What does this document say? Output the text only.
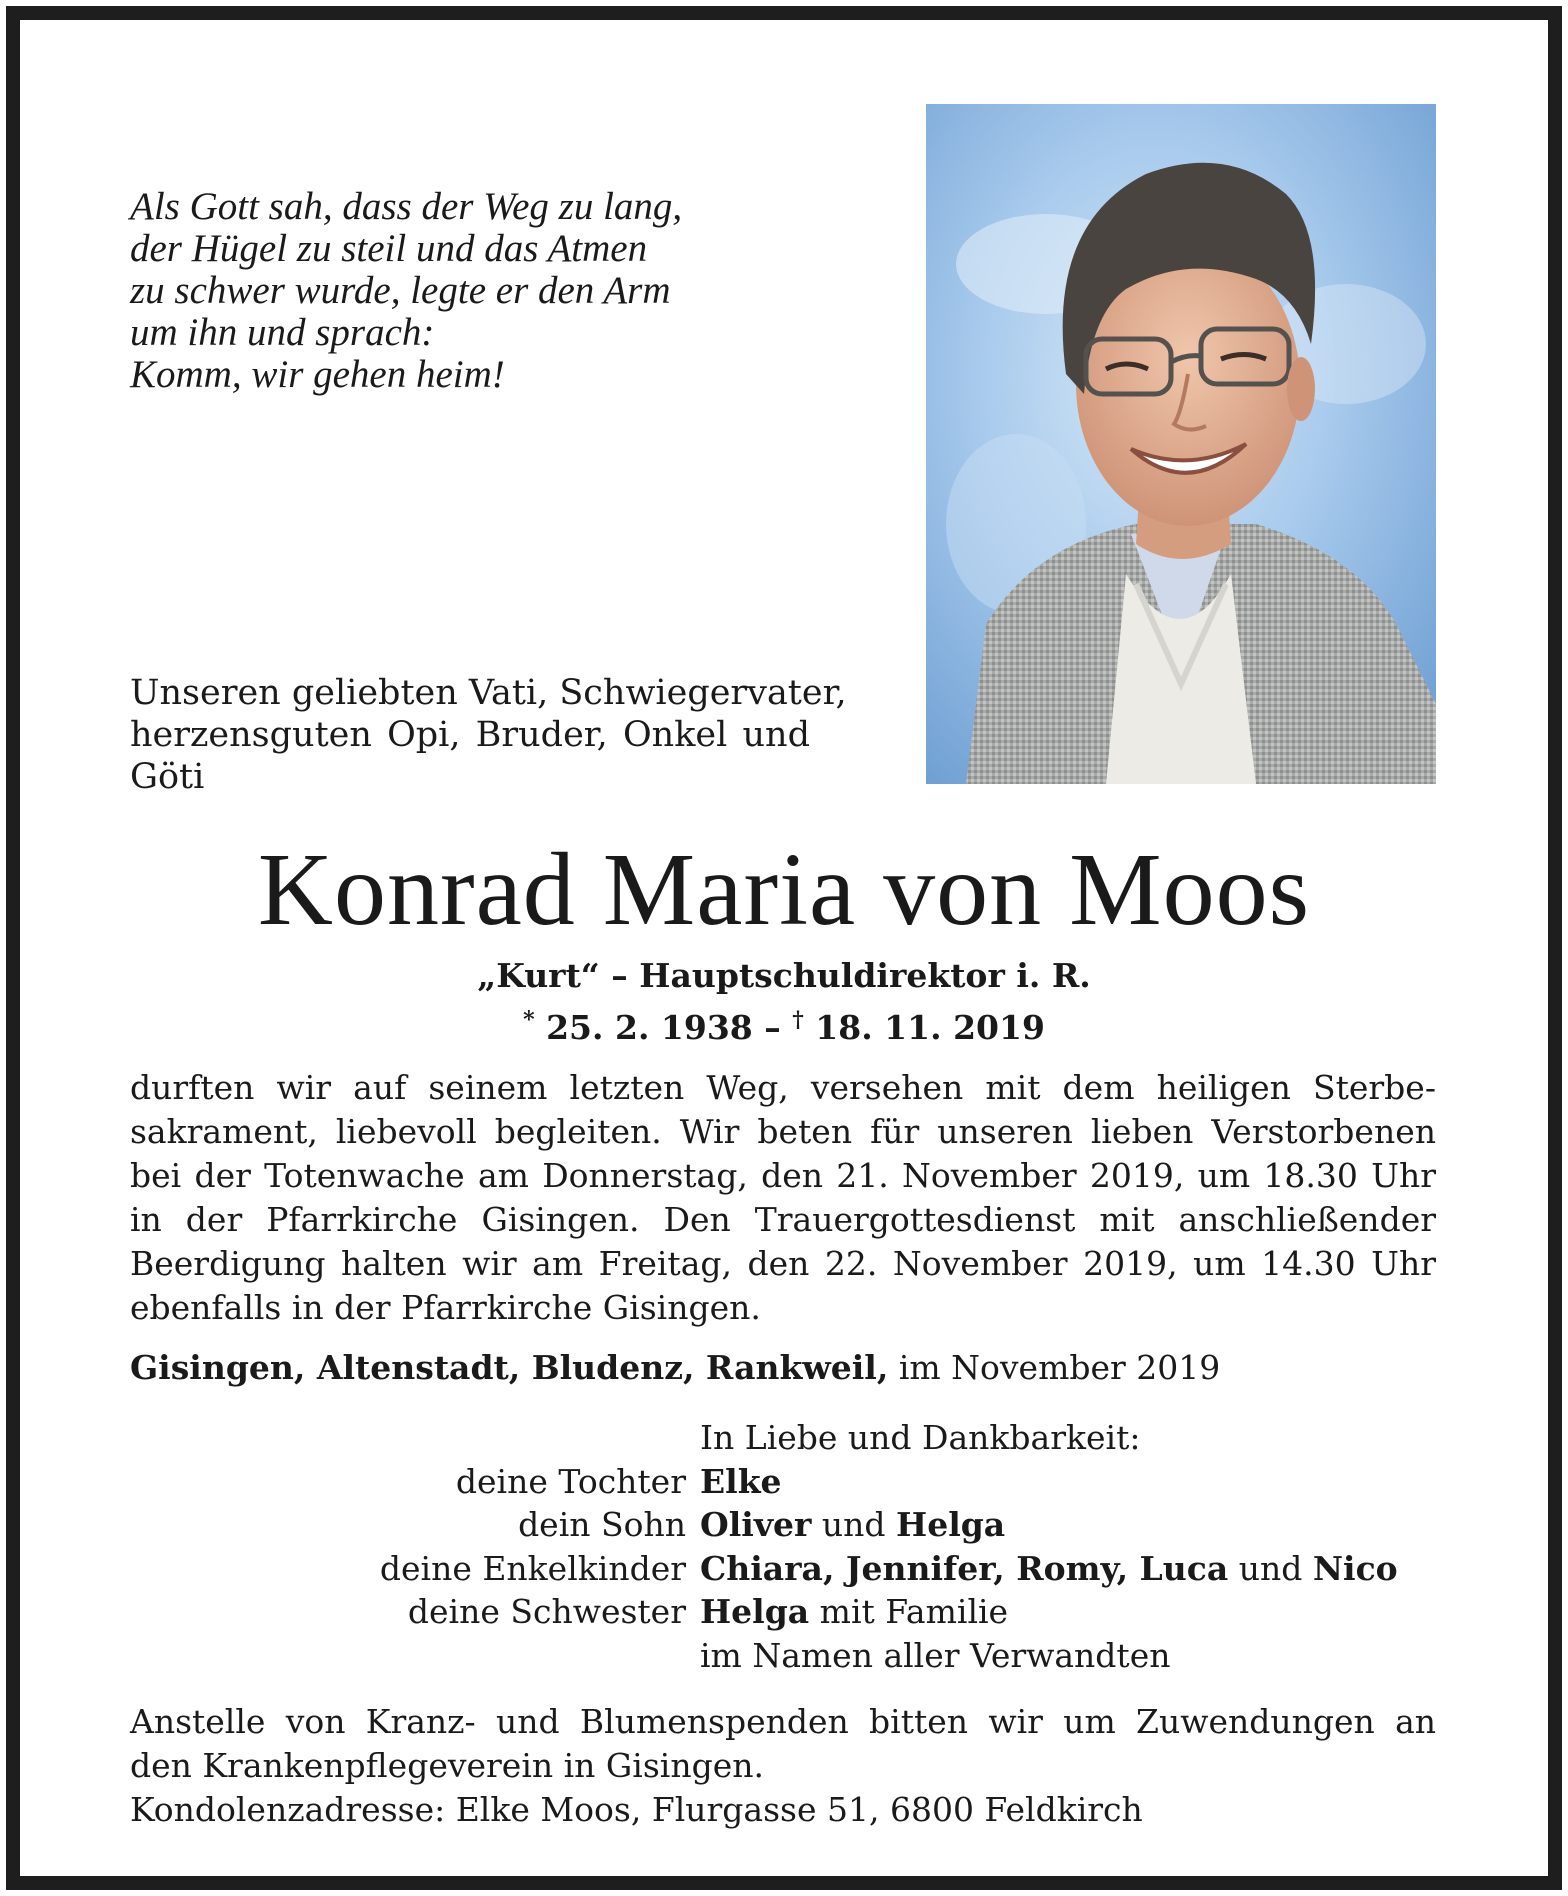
Als Gott sah, dass der Weg zu lang,
der Hügel zu steil und das Atmen
zu schwer wurde, legte er den Arm
um ihn und sprach:
Komm, wir gehen heim!
Unseren geliebten Vati, Schwiegervater,
herzensguten Opi, Bruder, Onkel und
Göti
Konrad Maria von Moos
„Kurt“ – Hauptschuldirektor i. R.
* 25. 2. 1938 – † 18. 11. 2019
durften wir auf seinem letzten Weg, versehen mit dem heiligen Sterbe-
sakrament, liebevoll begleiten. Wir beten für unseren lieben Verstorbenen
bei der Totenwache am Donnerstag, den 21. November 2019, um 18.30 Uhr
in der Pfarrkirche Gisingen. Den Trauergottesdienst mit anschließender
Beerdigung halten wir am Freitag, den 22. November 2019, um 14.30 Uhr
ebenfalls in der Pfarrkirche Gisingen.
Gisingen, Altenstadt, Bludenz, Rankweil, im November 2019
In Liebe und Dankbarkeit:
deine Tochter Elke
dein Sohn Oliver und Helga
deine Enkelkinder Chiara, Jennifer, Romy, Luca und Nico
deine Schwester Helga mit Familie
im Namen aller Verwandten
Anstelle von Kranz- und Blumenspenden bitten wir um Zuwendungen an
den Krankenpflegeverein in Gisingen.
Kondolenzadresse: Elke Moos, Flurgasse 51, 6800 Feldkirch
